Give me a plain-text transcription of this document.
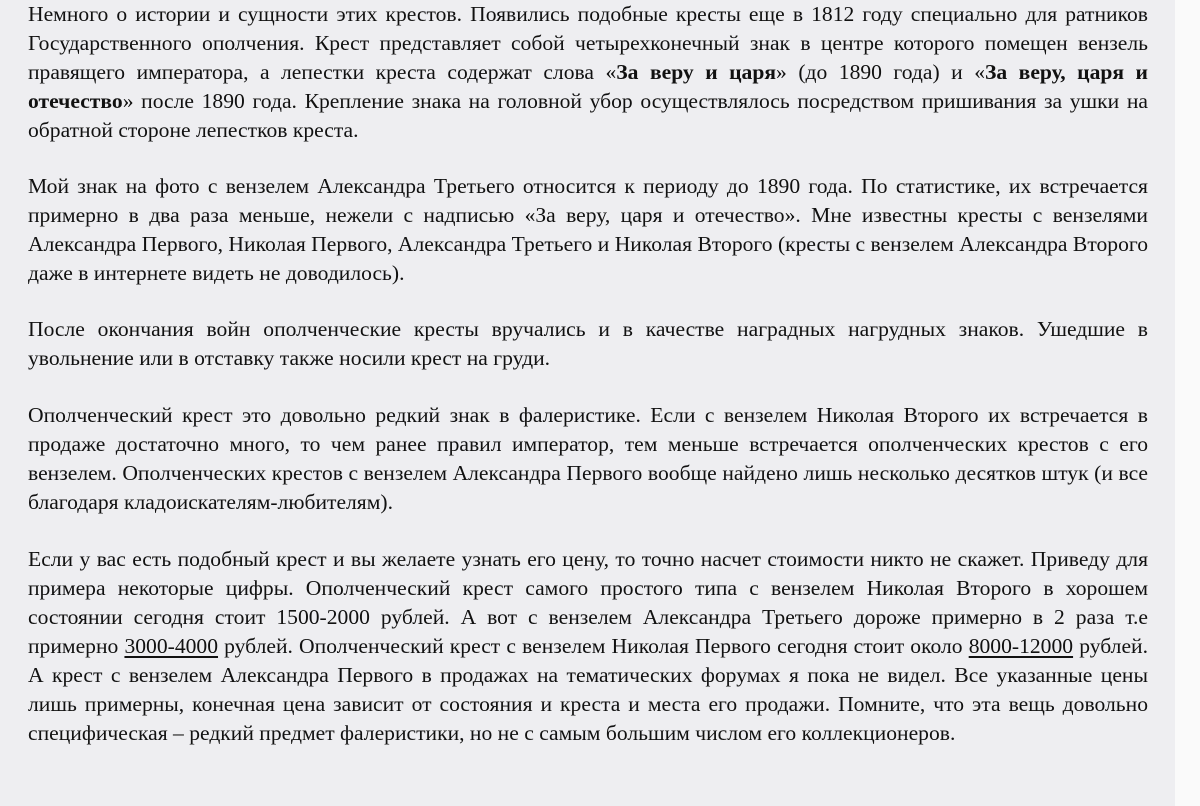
Немного о истории и сущности этих крестов. Появились подобные кресты еще в 1812 году специально для ратников Государственного ополчения. Крест представляет собой четырехконечный знак в центре которого помещен вензель правящего императора, а лепестки креста содержат слова «За веру и царя» (до 1890 года) и «За веру, царя и отечество» после 1890 года. Крепление знака на головной убор осуществлялось посредством пришивания за ушки на обратной стороне лепестков креста.

Мой знак на фото с вензелем Александра Третьего относится к периоду до 1890 года. По статистике, их встречается примерно в два раза меньше, нежели с надписью «За веру, царя и отечество». Мне известны кресты с вензелями Александра Первого, Николая Первого, Александра Третьего и Николая Второго (кресты с вензелем Александра Второго даже в интернете видеть не доводилось).

После окончания войн ополченческие кресты вручались и в качестве наградных нагрудных знаков. Ушедшие в увольнение или в отставку также носили крест на груди.

Ополченческий крест это довольно редкий знак в фалеристике. Если с вензелем Николая Второго их встречается в продаже достаточно много, то чем ранее правил император, тем меньше встречается ополченческих крестов с его вензелем. Ополченческих крестов с вензелем Александра Первого вообще найдено лишь несколько десятков штук (и все благодаря кладоискателям-любителям).

Если у вас есть подобный крест и вы желаете узнать его цену, то точно насчет стоимости никто не скажет. Приведу для примера некоторые цифры. Ополченческий крест самого простого типа с вензелем Николая Второго в хорошем состоянии сегодня стоит 1500-2000 рублей. А вот с вензелем Александра Третьего дороже примерно в 2 раза т.е примерно 3000-4000 рублей. Ополченческий крест с вензелем Николая Первого сегодня стоит около 8000-12000 рублей. А крест с вензелем Александра Первого в продажах на тематических форумах я пока не видел. Все указанные цены лишь примерны, конечная цена зависит от состояния и креста и места его продажи. Помните, что эта вещь довольно специфическая – редкий предмет фалеристики, но не с самым большим числом его коллекционеров.
